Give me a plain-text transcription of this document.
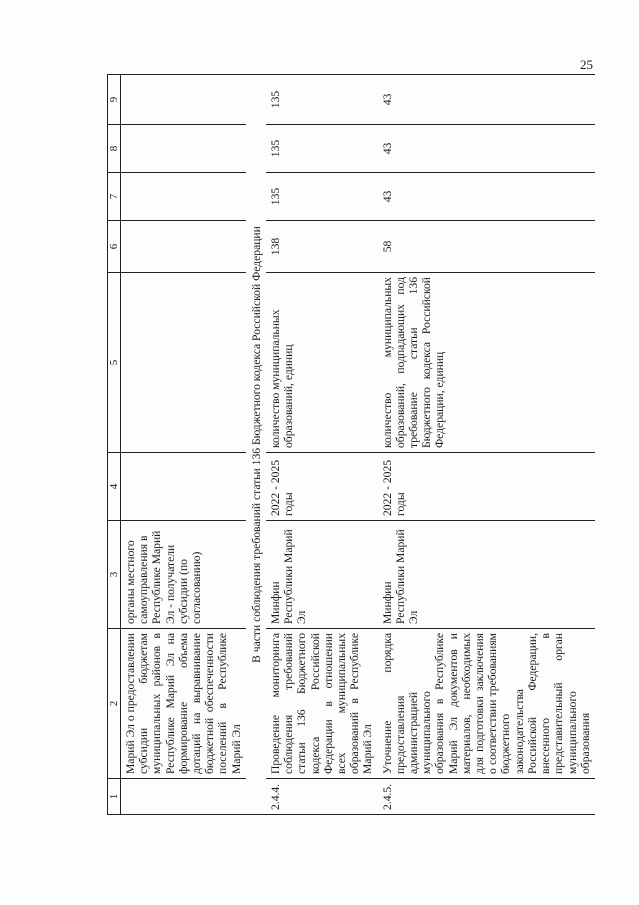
25
1	2	3	4	5	6	7	8	9
	Марий Эл о предоставлении субсидии бюджетам муниципальных районов в Республике Марий Эл на формирование объема дотаций на выравнивание бюджетной обеспеченности поселений в Республике Марий Эл	органы местного самоуправления в Республике Марий Эл - получатели субсидии (по согласованию)						
В части соблюдения требований статьи 136 Бюджетного кодекса Российской Федерации								
2.4.4.	Проведение мониторинга соблюдения требований статьи 136 Бюджетного кодекса Российской Федерации в отношении всех муниципальных образований в Республике Марий Эл	Минфин Республики Марий Эл	2022 - 2025 годы	количество муниципальных образований, единиц	138	135	135	135
2.4.5.	Уточнение порядка предоставления администрацией муниципального образования в Республике Марий Эл документов и материалов, необходимых для подготовки заключения о соответствии требованиям бюджетного законодательства Российской Федерации, внесенного в представительный орган муниципального образования	Минфин Республики Марий Эл	2022 - 2025 годы	количество муниципальных образований, подпадающих под требование статьи 136 Бюджетного кодекса Российской Федерации, единиц	58	43	43	43
